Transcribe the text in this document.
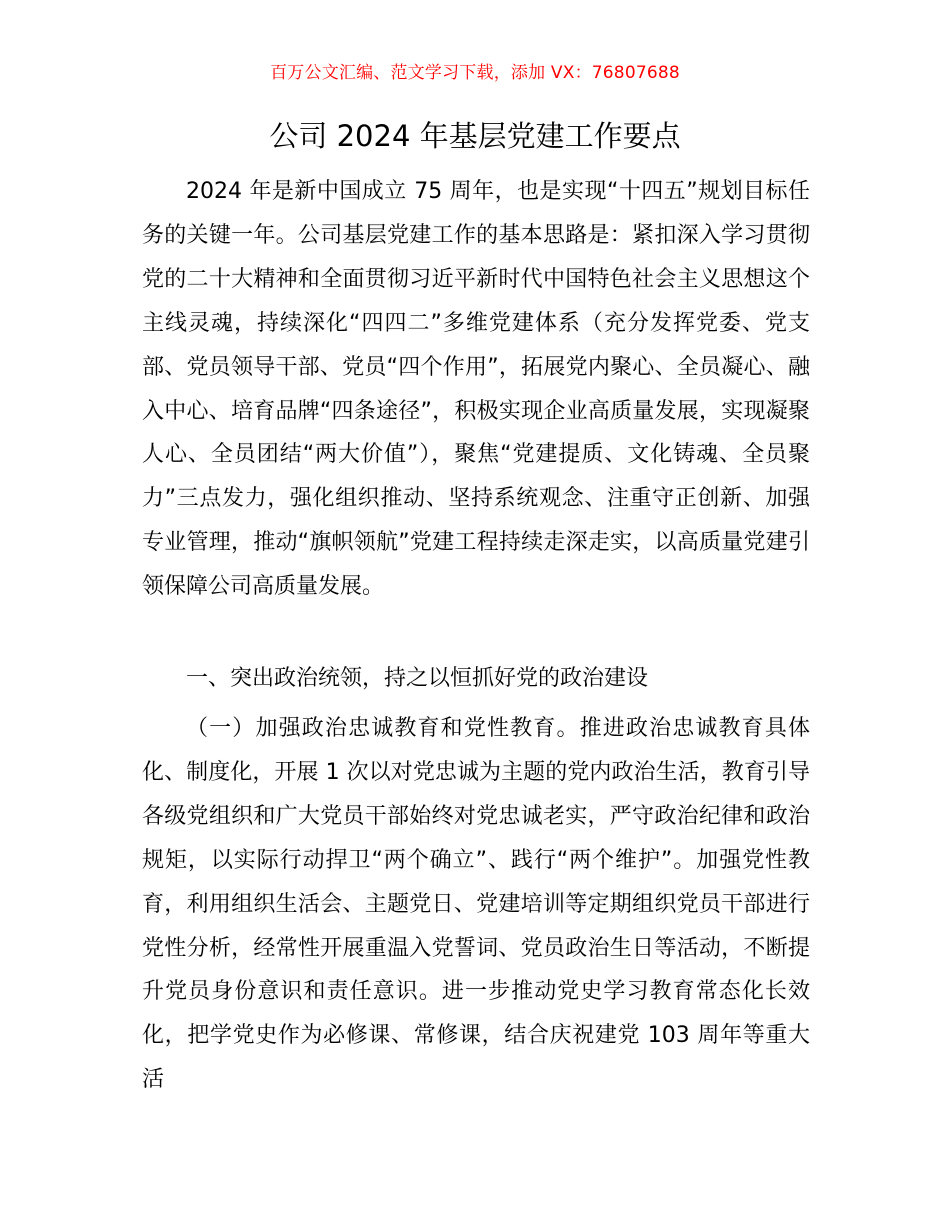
百万公文汇编、范文学习下载，添加 VX：76807688
公司 2024 年基层党建工作要点

2024 年是新中国成立 75 周年，也是实现“十四五”规划目标任务的关键一年。公司基层党建工作的基本思路是：紧扣深入学习贯彻党的二十大精神和全面贯彻习近平新时代中国特色社会主义思想这个主线灵魂，持续深化“四四二”多维党建体系（充分发挥党委、党支部、党员领导干部、党员“四个作用”，拓展党内聚心、全员凝心、融入中心、培育品牌“四条途径”，积极实现企业高质量发展，实现凝聚人心、全员团结“两大价值”），聚焦“党建提质、文化铸魂、全员聚力”三点发力，强化组织推动、坚持系统观念、注重守正创新、加强专业管理，推动“旗帜领航”党建工程持续走深走实，以高质量党建引领保障公司高质量发展。

一、突出政治统领，持之以恒抓好党的政治建设

（一）加强政治忠诚教育和党性教育。推进政治忠诚教育具体化、制度化，开展 1 次以对党忠诚为主题的党内政治生活，教育引导各级党组织和广大党员干部始终对党忠诚老实，严守政治纪律和政治规矩，以实际行动捍卫“两个确立”、践行“两个维护”。加强党性教育，利用组织生活会、主题党日、党建培训等定期组织党员干部进行党性分析，经常性开展重温入党誓词、党员政治生日等活动，不断提升党员身份意识和责任意识。进一步推动党史学习教育常态化长效化，把学党史作为必修课、常修课，结合庆祝建党 103 周年等重大活
